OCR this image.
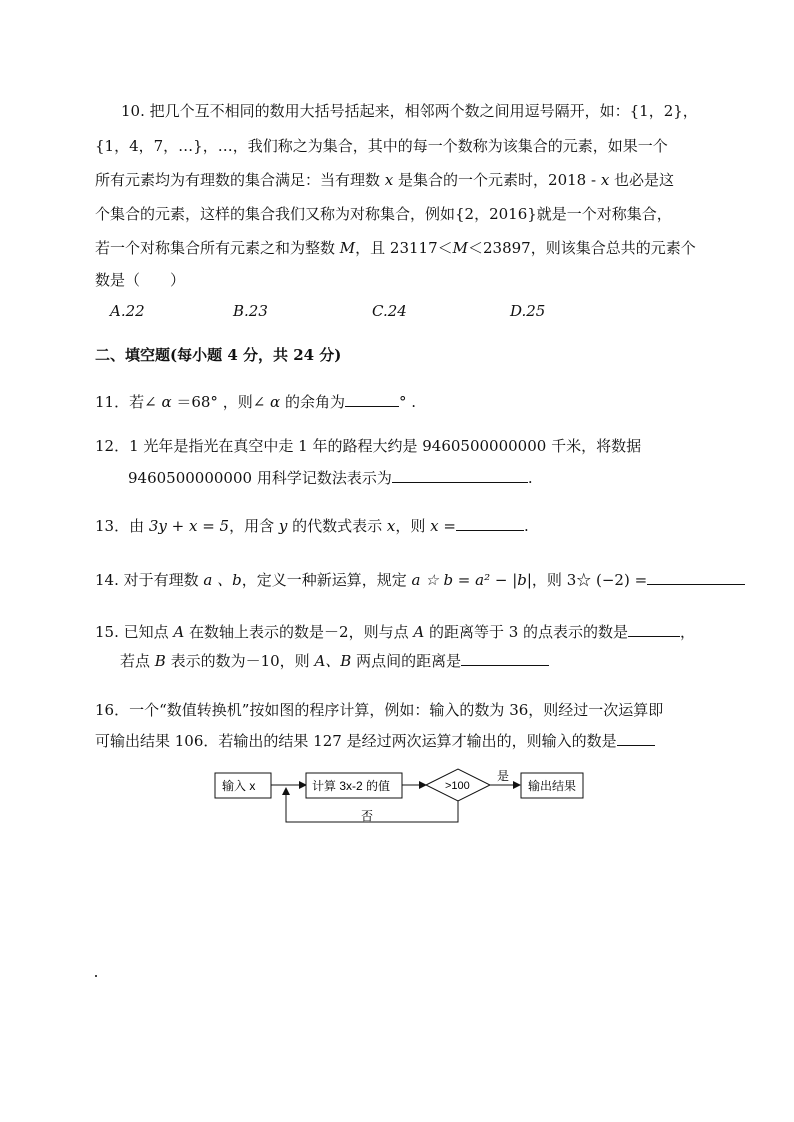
10. 把几个互不相同的数用大括号括起来，相邻两个数之间用逗号隔开，如：{1，2}，
{1，4，7，…}，…，我们称之为集合，其中的每一个数称为该集合的元素，如果一个
所有元素均为有理数的集合满足：当有理数 x 是集合的一个元素时，2018 - x 也必是这
个集合的元素，这样的集合我们又称为对称集合，例如{2，2016}就是一个对称集合，
若一个对称集合所有元素之和为整数 M，且 23117＜M＜23897，则该集合总共的元素个
数是（　　）
A.22	B.23	C.24	D.25
二、填空题(每小题 4 分，共 24 分)
11．若∠ α ＝68° ，则∠ α 的余角为	° .
12．1 光年是指光在真空中走 1 年的路程大约是 9460500000000 千米，将数据
9460500000000 用科学记数法表示为	.
13．由 3y + x = 5，用含 y 的代数式表示 x，则 x =	.
14. 对于有理数 a 、b，定义一种新运算，规定 a ☆ b = a² − |b|，则 3☆ (−2) =
15. 已知点 A 在数轴上表示的数是－2，则与点 A 的距离等于 3 的点表示的数是	，
若点 B 表示的数为－10，则 A、B 两点间的距离是
16．一个“数值转换机”按如图的程序计算，例如：输入的数为 36，则经过一次运算即
可输出结果 106．若输出的结果 127 是经过两次运算才输出的，则输入的数是
输入 x	计算 3x-2 的值	>100
是
输出结果
否
